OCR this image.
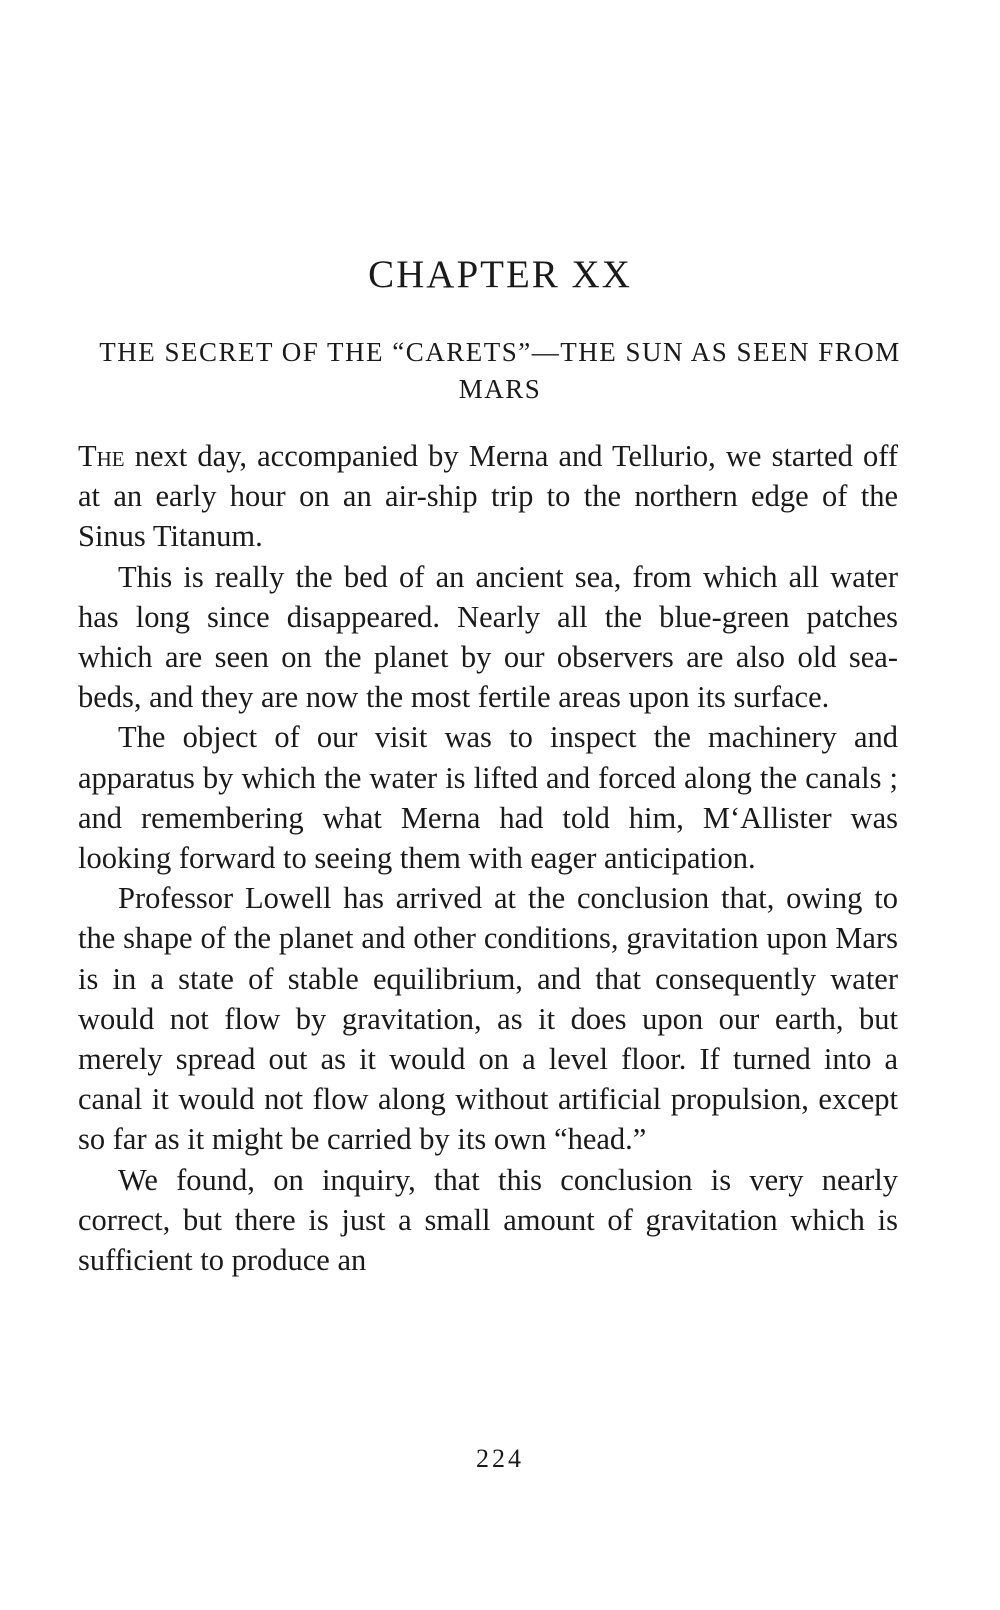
CHAPTER XX
THE SECRET OF THE “CARETS”—THE SUN AS SEEN FROM MARS

The next day, accompanied by Merna and Tellurio, we started off at an early hour on an air-ship trip to the northern edge of the Sinus Titanum.

This is really the bed of an ancient sea, from which all water has long since disappeared. Nearly all the blue-green patches which are seen on the planet by our observers are also old sea-beds, and they are now the most fertile areas upon its surface.

The object of our visit was to inspect the machinery and apparatus by which the water is lifted and forced along the canals ; and remembering what Merna had told him, M‘Allister was looking forward to seeing them with eager anticipation.

Professor Lowell has arrived at the conclusion that, owing to the shape of the planet and other conditions, gravitation upon Mars is in a state of stable equilibrium, and that consequently water would not flow by gravitation, as it does upon our earth, but merely spread out as it would on a level floor. If turned into a canal it would not flow along without artificial propulsion, except so far as it might be carried by its own “head.”

We found, on inquiry, that this conclusion is very nearly correct, but there is just a small amount of gravitation which is sufficient to produce an

224
